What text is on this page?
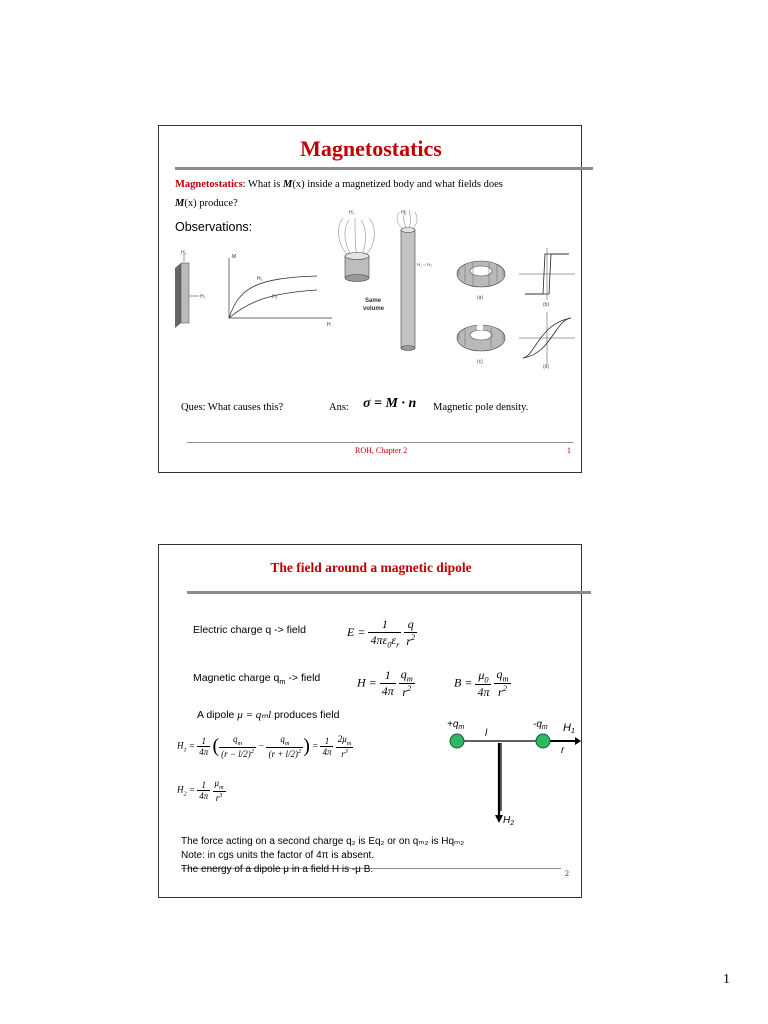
Magnetostatics
Magnetostatics: What is M(x) inside a magnetized body and what fields does
M(x) produce?
Observations:
H₁
H₂
M
H
H₁
H₂
H₁	H₂
H₁ = H₂
Same
volume
(a)
(b)
(c)
(d)
Ques: What causes this?	Ans: σ = M · n Magnetic pole density.
ROH, Chapter 2	1
The field around a magnetic dipole
Electric charge q -> field	$E = \frac{1}{4\pi\varepsilon_0\varepsilon_r}$
$\frac{q}{r^2}$
Magnetic charge $q_m$ -> field	$H = \frac{1}{4\pi}$
$\frac{q_m}{r^2}$	$B = \frac{\mu_0}{4\pi}$
$\frac{q_m}{r^2}$
A dipole μ = qₘl produces field
$H_1 = \frac{1}{4\pi}$ ( $\frac{q_m}{(r - l/2)^2} - \frac{q_m}{(r + l/2)^2}$ ) = $\frac{1}{4\pi}$
$\frac{2\mu_m}{r^3}$
$H_2 = \frac{1}{4\pi}$
$\frac{\mu_m}{r^3}$
$+q_m$	$-q_m$
l
r
H1
$H_2$
The force acting on a second charge q₂ is Eq₂ or on qₘ₂ is Hqₘ₂
Note: in cgs units the factor of 4π is absent.
The energy of a dipole μ in a field H is -μ B.	2
1
